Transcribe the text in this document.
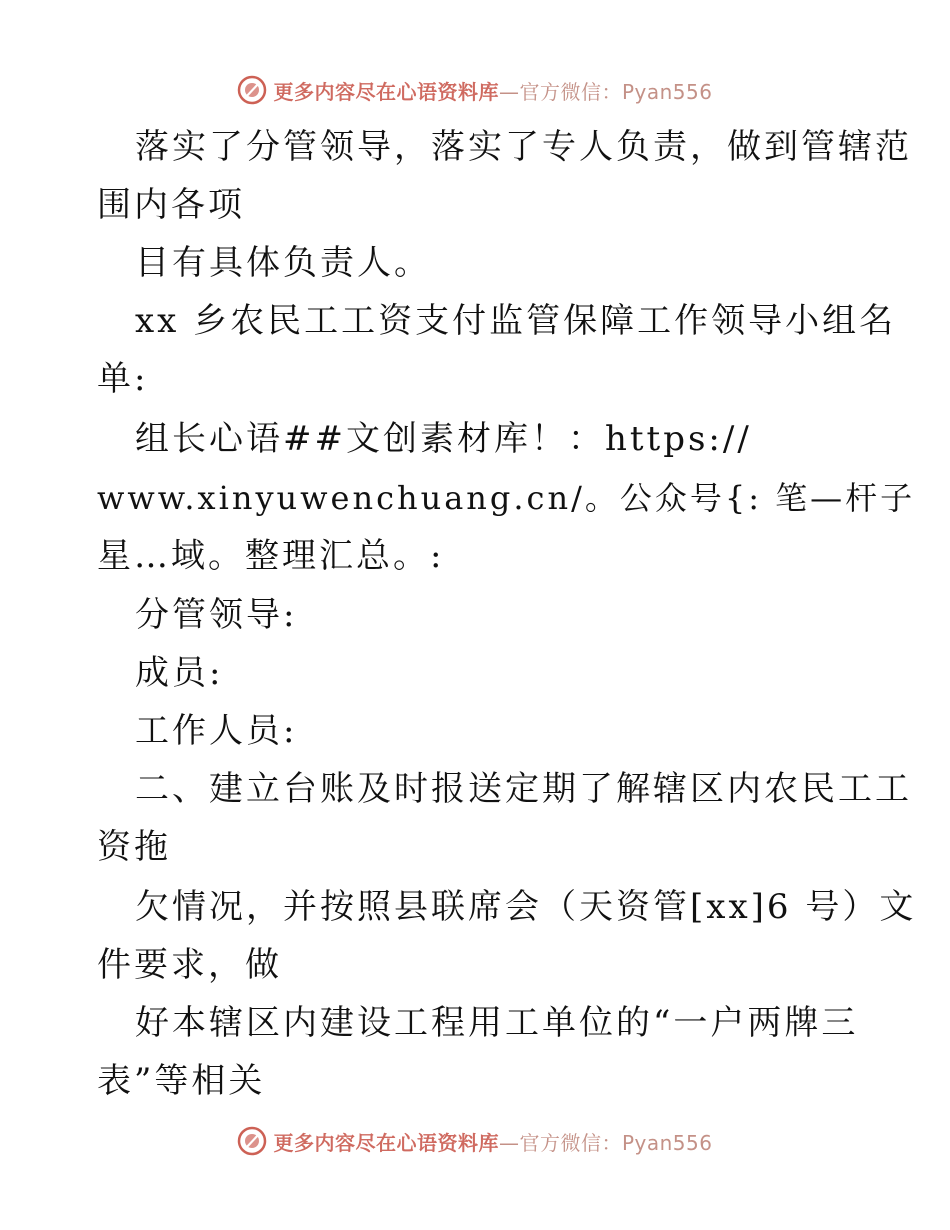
更多内容尽在心语资料库—官方微信：Pyan556
落实了分管领导，落实了专人负责，做到管辖范
围内各项
目有具体负责人。
xx 乡农民工工资支付监管保障工作领导小组名
单:
组长心语##文创素材库！：https://
www.xinyuwenchuang.cn/。公众号{: 笔—杆子
星…域。整理汇总。:
分管领导:
成员:
工作人员:
二、建立台账及时报送定期了解辖区内农民工工
资拖
欠情况，并按照县联席会（天资管[xx]6 号）文
件要求，做
好本辖区内建设工程用工单位的“一户两牌三
表”等相关
更多内容尽在心语资料库—官方微信：Pyan556
